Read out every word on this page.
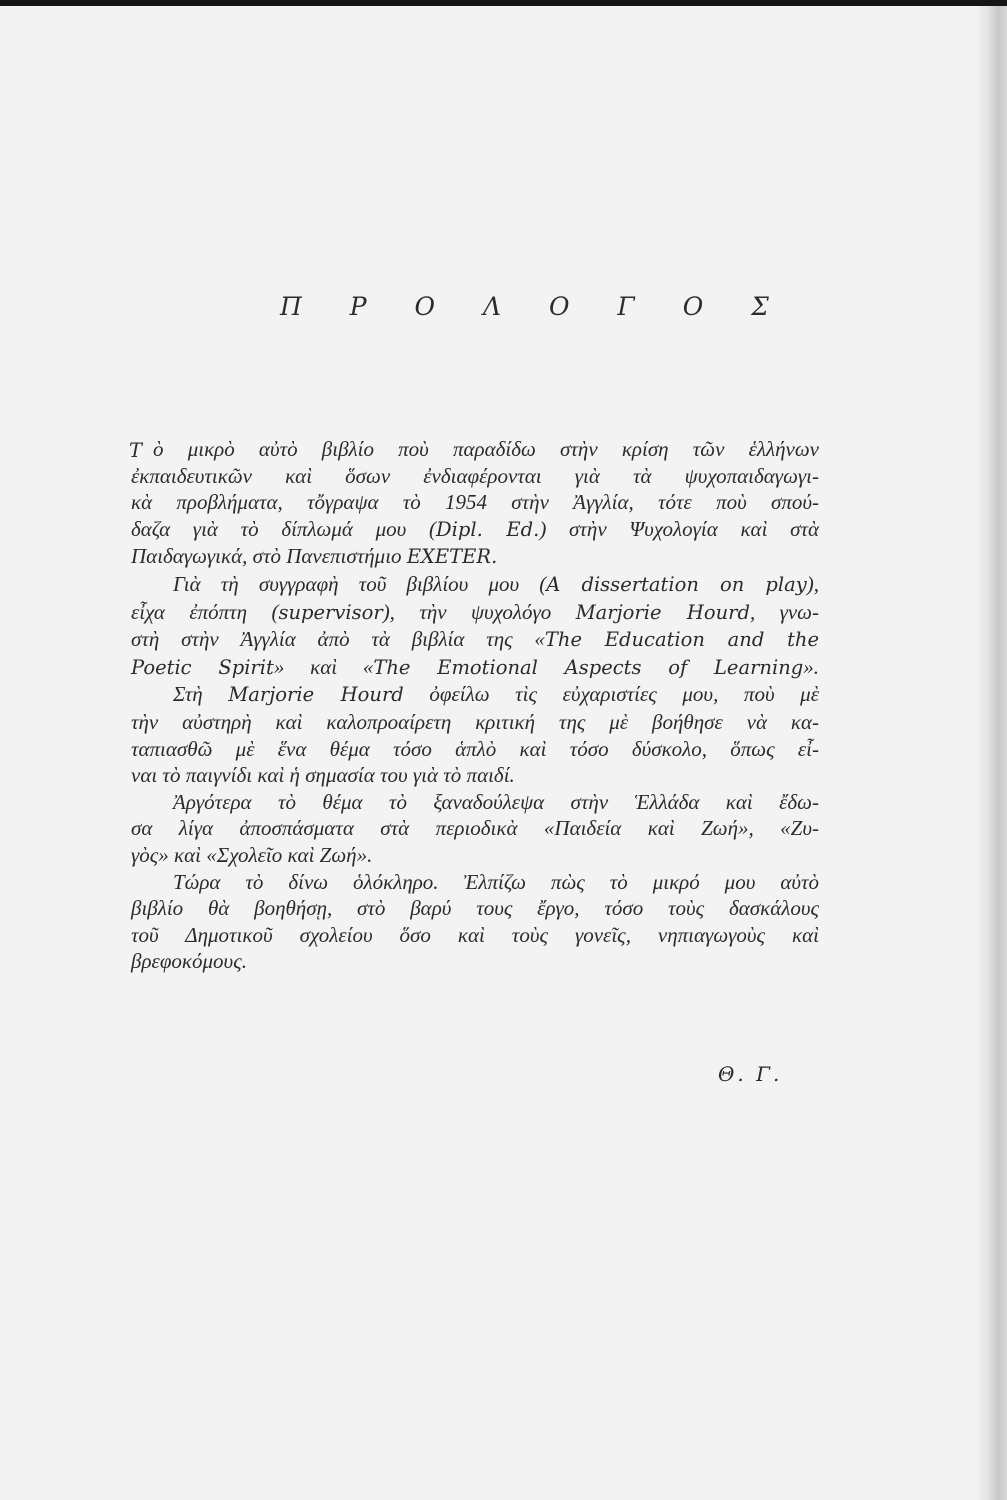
Π Ρ Ο Λ Ο Γ Ο Σ
T ὸ μικρὸ αὐτὸ βιβλίο ποὺ παραδίδω στὴν κρίση τῶν ἑλλήνων
ἐκπαιδευτικῶν καὶ ὅσων ἐνδιαφέρονται γιὰ τὰ ψυχοπαιδαγωγι-
κὰ προβλήματα, τὄγραψα τὸ 1954 στὴν Ἀγγλία, τότε ποὺ σπού-
δαζα γιὰ τὸ δίπλωμά μου (Dipl. Ed.) στὴν Ψυχολογία καὶ στὰ
Παιδαγωγικά, στὸ Πανεπιστήμιο EXETER.
Γιὰ τὴ συγγραφὴ τοῦ βιβλίου μου (A dissertation on play),
εἶχα ἐπόπτη (supervisor), τὴν ψυχολόγο Marjorie Hourd, γνω-
στὴ στὴν Ἀγγλία ἀπὸ τὰ βιβλία της «The Education and the
Poetic Spirit» καὶ «The Emotional Aspects of Learning».
Στὴ Marjorie Hourd ὀφείλω τὶς εὐχαριστίες μου, ποὺ μὲ
τὴν αὐστηρὴ καὶ καλοπροαίρετη κριτική της μὲ βοήθησε νὰ κα-
ταπιασθῶ μὲ ἕνα θέμα τόσο ἁπλὸ καὶ τόσο δύσκολο, ὅπως εἶ-
ναι τὸ παιγνίδι καὶ ἡ σημασία του γιὰ τὸ παιδί.
Ἀργότερα τὸ θέμα τὸ ξαναδούλεψα στὴν Ἑλλάδα καὶ ἔδω-
σα λίγα ἀποσπάσματα στὰ περιοδικὰ «Παιδεία καὶ Ζωή», «Ζυ-
γὸς» καὶ «Σχολεῖο καὶ Ζωή».
Τώρα τὸ δίνω ὁλόκληρο. Ἐλπίζω πὼς τὸ μικρό μου αὐτὸ
βιβλίο θὰ βοηθήσῃ, στὸ βαρύ τους ἔργο, τόσο τοὺς δασκάλους
τοῦ Δημοτικοῦ σχολείου ὅσο καὶ τοὺς γονεῖς, νηπιαγωγοὺς καὶ
βρεφοκόμους.
Θ. Γ.
